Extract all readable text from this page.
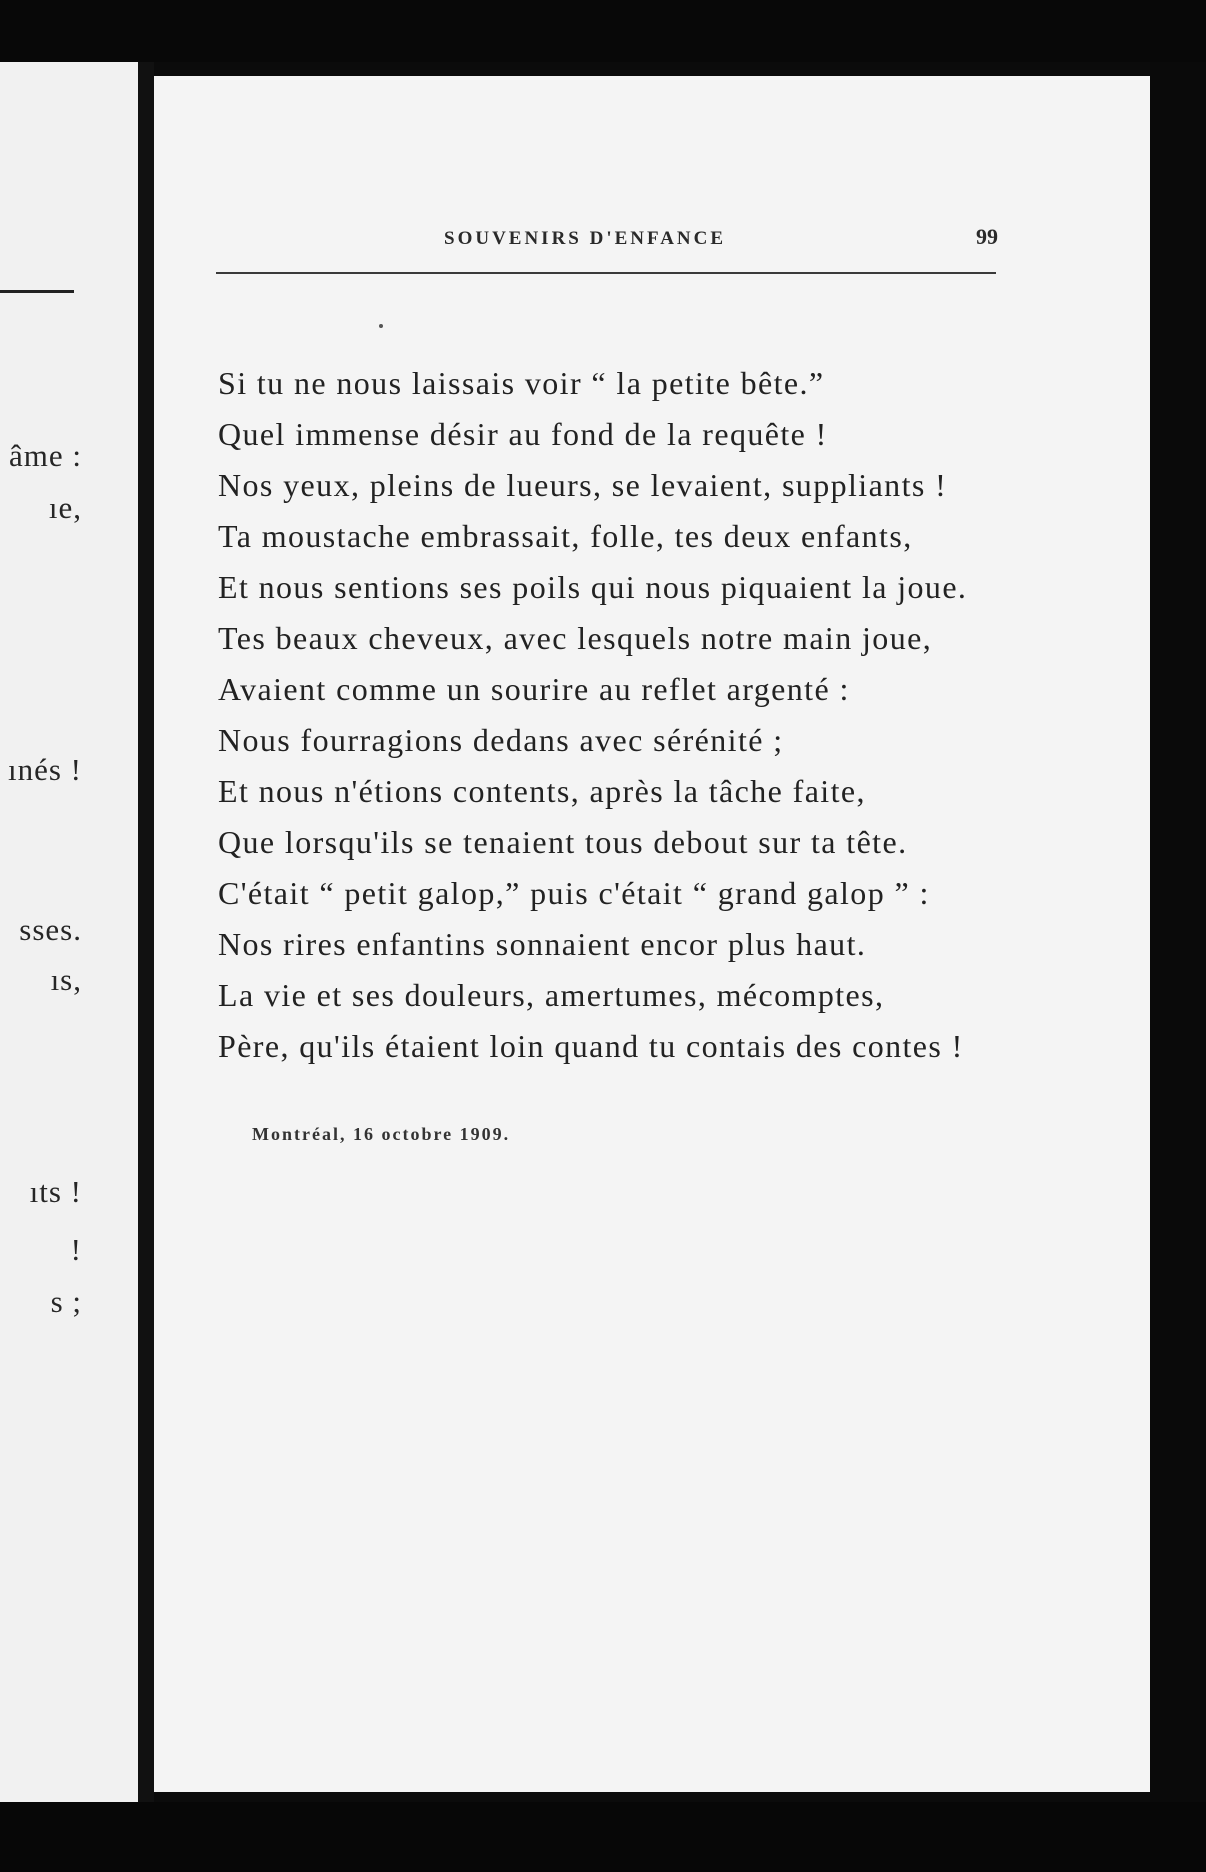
âme :
ıe,
ınés !
sses.
ıs,
ıts !
!
s ;
SOUVENIRS D'ENFANCE	99
Si tu ne nous laissais voir “ la petite bête.”
Quel immense désir au fond de la requête !
Nos yeux, pleins de lueurs, se levaient, suppliants !
Ta moustache embrassait, folle, tes deux enfants,
Et nous sentions ses poils qui nous piquaient la joue.
Tes beaux cheveux, avec lesquels notre main joue,
Avaient comme un sourire au reflet argenté :
Nous fourragions dedans avec sérénité ;
Et nous n'étions contents, après la tâche faite,
Que lorsqu'ils se tenaient tous debout sur ta tête.
C'était “ petit galop,” puis c'était “ grand galop ” :
Nos rires enfantins sonnaient encor plus haut.
La vie et ses douleurs, amertumes, mécomptes,
Père, qu'ils étaient loin quand tu contais des contes !
Montréal, 16 octobre 1909.
